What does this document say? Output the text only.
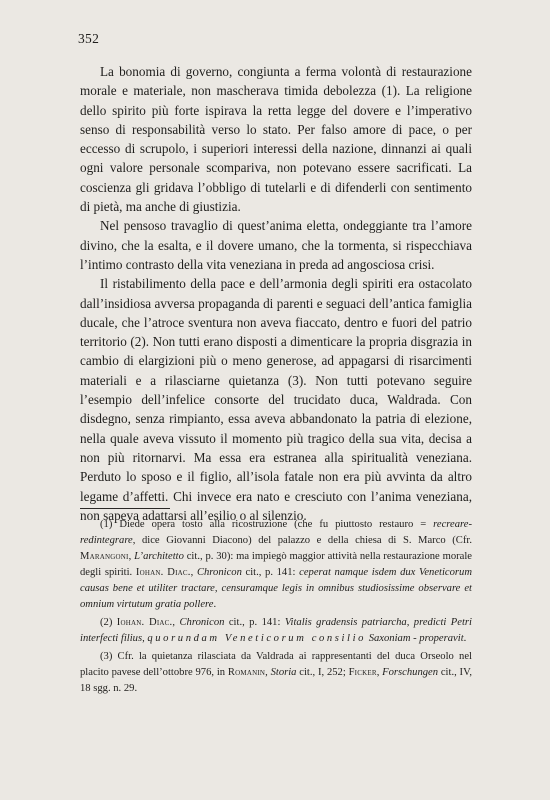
352

La bonomia di governo, congiunta a ferma volontà di restaurazione morale e materiale, non mascherava timida debolezza (1). La religione dello spirito più forte ispirava la retta legge del dovere e l’imperativo senso di responsabilità verso lo stato. Per falso amore di pace, o per eccesso di scrupolo, i superiori interessi della nazione, dinnanzi ai quali ogni valore personale scompariva, non potevano essere sacrificati. La coscienza gli gridava l’obbligo di tutelarli e di difenderli con sentimento di pietà, ma anche di giustizia.

Nel pensoso travaglio di quest’anima eletta, ondeggiante tra l’amore divino, che la esalta, e il dovere umano, che la tormenta, si rispecchiava l’intimo contrasto della vita veneziana in preda ad angosciosa crisi.

Il ristabilimento della pace e dell’armonia degli spiriti era ostacolato dall’insidiosa avversa propaganda di parenti e seguaci dell’antica famiglia ducale, che l’atroce sventura non aveva fiaccato, dentro e fuori del patrio territorio (2). Non tutti erano disposti a dimenticare la propria disgrazia in cambio di elargizioni più o meno generose, ad appagarsi di risarcimenti materiali e a rilasciarne quietanza (3). Non tutti potevano seguire l’esempio dell’infelice consorte del trucidato duca, Waldrada. Con disdegno, senza rimpianto, essa aveva abbandonato la patria di elezione, nella quale aveva vissuto il momento più tragico della sua vita, decisa a non più ritornarvi. Ma essa era estranea alla spiritualità veneziana. Perduto lo sposo e il figlio, all’isola fatale non era più avvinta da altro legame d’affetti. Chi invece era nato e cresciuto con l’anima veneziana, non sapeva adattarsi all’esilio o al silenzio.

(1) Diede opera tosto alla ricostruzione (che fu piuttosto restauro = recreare-redintegrare, dice Giovanni Diacono) del palazzo e della chiesa di S. Marco (Cfr. Marangoni, L’architetto cit., p. 30): ma impiegò maggior attività nella restaurazione morale degli spiriti. Iohan. Diac., Chronicon cit., p. 141: ceperat namque isdem dux Veneticorum causas bene et utiliter tractare, censuramque legis in omnibus studiosissime observare et omnium virtutum gratia pollere.

(2) Iohan. Diac., Chronicon cit., p. 141: Vitalis gradensis patriarcha, predicti Petri interfecti filius, quorundam Veneticorum consilio Saxoniam - properavit.

(3) Cfr. la quietanza rilasciata da Valdrada ai rappresentanti del duca Orseolo nel placito pavese dell’ottobre 976, in Romanin, Storia cit., I, 252; Ficker, Forschungen cit., IV, 18 sgg. n. 29.
